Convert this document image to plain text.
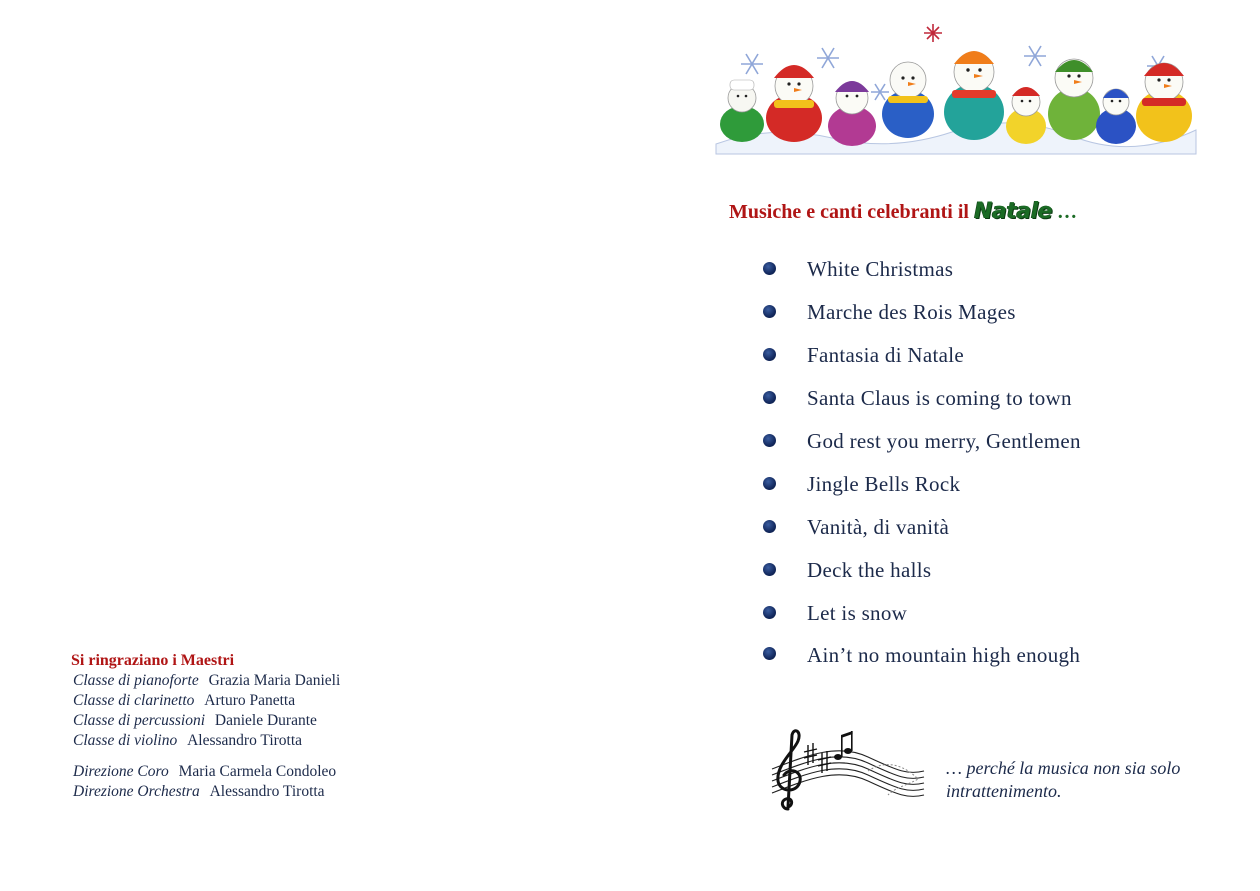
Si ringraziano i Maestri
Classe di pianoforte Grazia Maria Danieli
Classe di clarinetto Arturo Panetta
Classe di percussioni Daniele Durante
Classe di violino Alessandro Tirotta
Direzione Coro Maria Carmela Condoleo
Direzione Orchestra Alessandro Tirotta
Musiche e canti celebranti il Natale …
White Christmas
Marche des Rois Mages
Fantasia di Natale
Santa Claus is coming to town
God rest you merry, Gentlemen
Jingle Bells Rock
Vanità, di vanità
Deck the halls
Let is snow
Ain’t no mountain high enough
… perché la musica non sia solo
intrattenimento.
